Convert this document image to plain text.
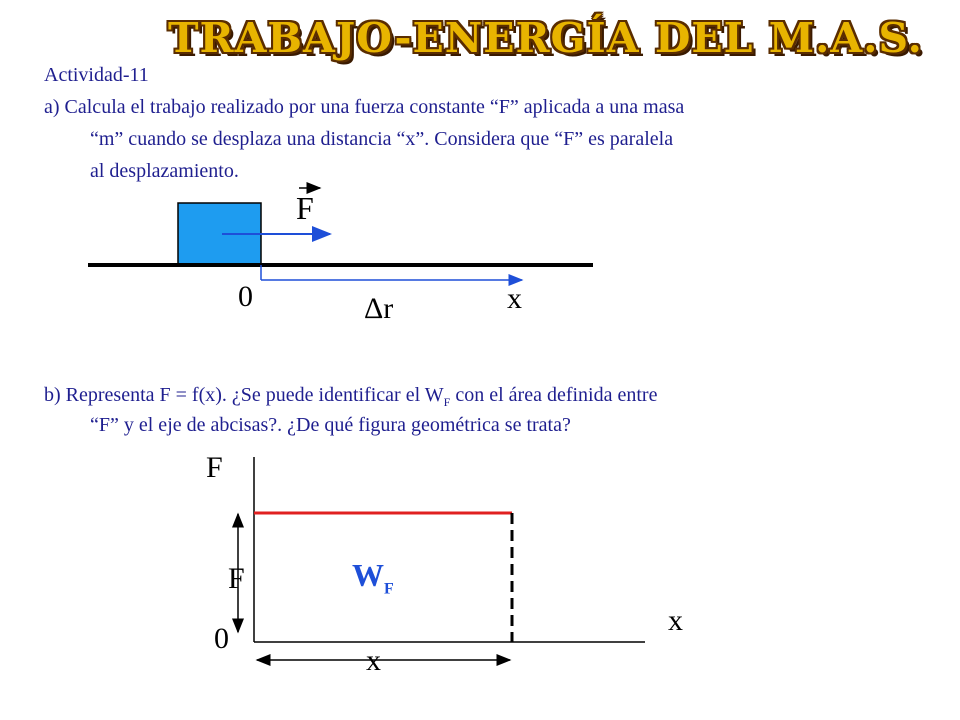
TRABAJO-ENERGÍA DEL M.A.S.
Actividad-11
a) Calcula el trabajo realizado por una fuerza constante “F” aplicada a una masa
“m” cuando se desplaza una distancia “x”. Considera que “F” es paralela
al desplazamiento.
F
0	x
Δr
b) Representa F = f(x). ¿Se puede identificar el $W_F$ con el área definida entre
“F” y el eje de abcisas?. ¿De qué figura geométrica se trata?
F
x
0
F
x
$W_F$
